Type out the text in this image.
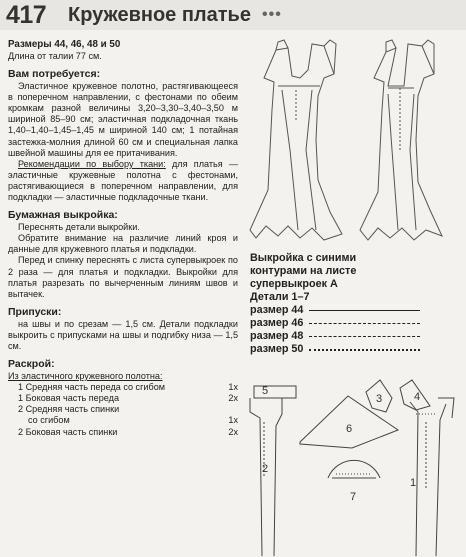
417 Кружевное платье •••
Размеры 44, 46, 48 и 50
Длина от талии 77 см.
Вам потребуется:
Эластичное кружевное полотно, растягивающееся в поперечном направлении, с фестонами по обеим кромкам разной величины 3,20–3,30–3,40–3,50 м шириной 85–90 см; эластичная подкладочная ткань 1,40–1,40–1,45–1,45 м шириной 140 см; 1 потайная застежка-молния длиной 60 см и специальная лапка швейной машины для ее притачивания.
Рекомендации по выбору ткани: для платья — эластичные кружевные полотна с фестонами, растягивающиеся в поперечном направлении, для подкладки — эластичные подкладочные ткани.
Бумажная выкройка:
Переснять детали выкройки.
Обратите внимание на различие линий кроя и данные для кружевного платья и подкладки.
Перед и спинку переснять с листа супервыкроек по 2 раза — для платья и подкладки. Выкройки для платья разрезать по вычерченным линиям швов и вытачек.
Припуски:
на швы и по срезам — 1,5 см. Детали подкладки выкроить с припусками на швы и подгибку низа — 1,5 см.
Раскрой:
Из эластичного кружевного полотна:
1 Средняя часть переда со сгибом	1х
1 Боковая часть переда	2х
2 Средняя часть спинки
со сгибом	1х
2 Боковая часть спинки	2х
Выкройка с синими
контурами на листе
супервыкроек А
Детали 1–7
размер 44
размер 46
размер 48
размер 50
5
1
2
3	4
6
7
